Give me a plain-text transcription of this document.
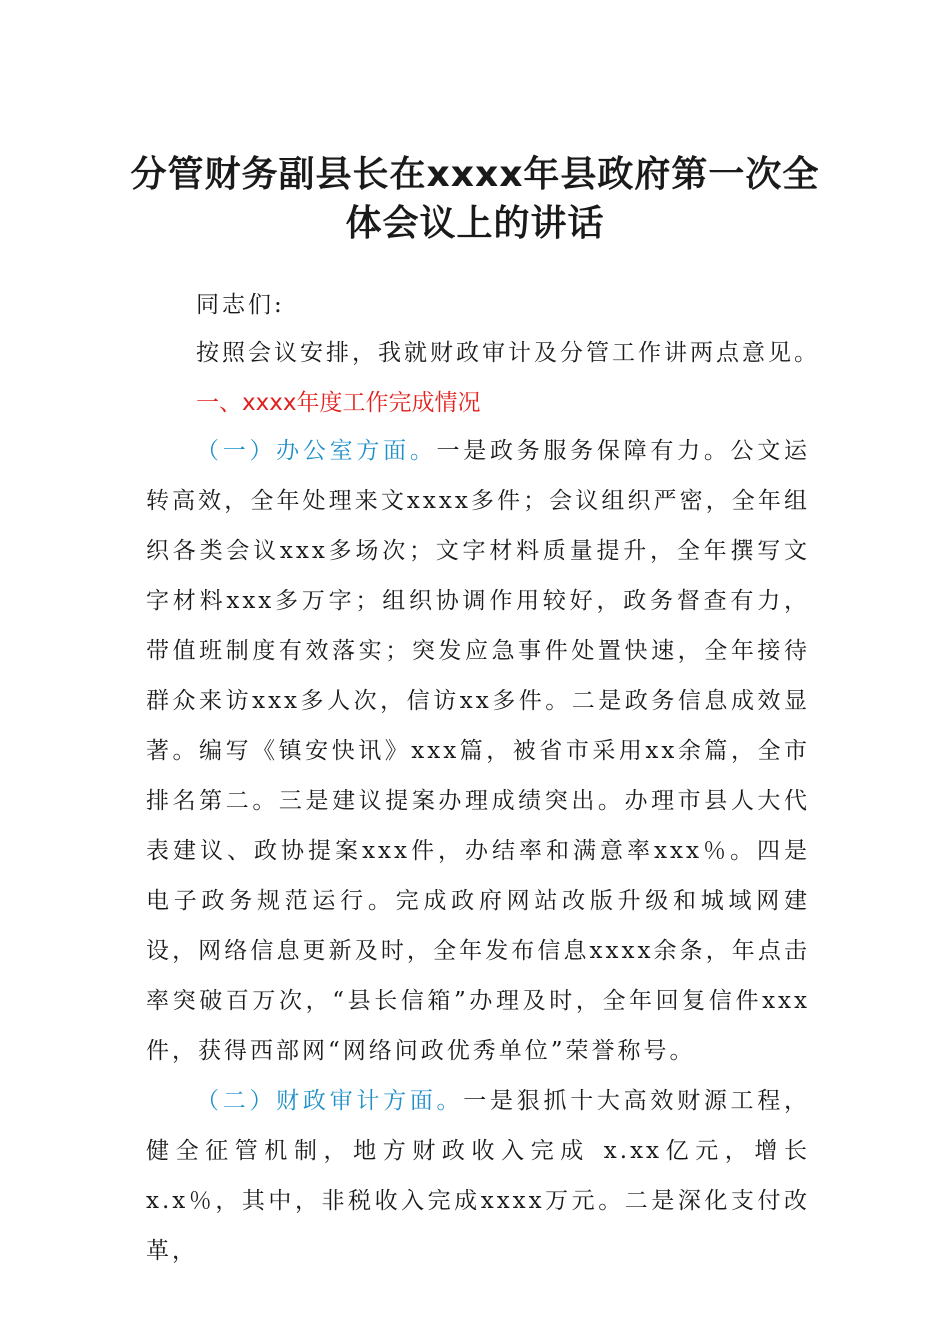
分管财务副县长在xxxx年县政府第一次全
体会议上的讲话

同志们:

按照会议安排，我就财政审计及分管工作讲两点意见。

一、xxxx年度工作完成情况

（一）办公室方面。一是政务服务保障有力。公文运转高效，全年处理来文xxxx多件；会议组织严密，全年组织各类会议xxx多场次；文字材料质量提升，全年撰写文字材料xxx多万字；组织协调作用较好，政务督查有力，带值班制度有效落实；突发应急事件处置快速，全年接待群众来访xxx多人次，信访xx多件。二是政务信息成效显著。编写《镇安快讯》xxx篇，被省市采用xx余篇，全市排名第二。三是建议提案办理成绩突出。办理市县人大代表建议、政协提案xxx件，办结率和满意率xxx％。四是电子政务规范运行。完成政府网站改版升级和城域网建设，网络信息更新及时，全年发布信息xxxx余条，年点击率突破百万次，“县长信箱”办理及时，全年回复信件xxx件，获得西部网“网络问政优秀单位”荣誉称号。

（二）财政审计方面。一是狠抓十大高效财源工程，健全征管机制，地方财政收入完成 x.xx亿元，增长x.x％，其中，非税收入完成xxxx万元。二是深化支付改革，
